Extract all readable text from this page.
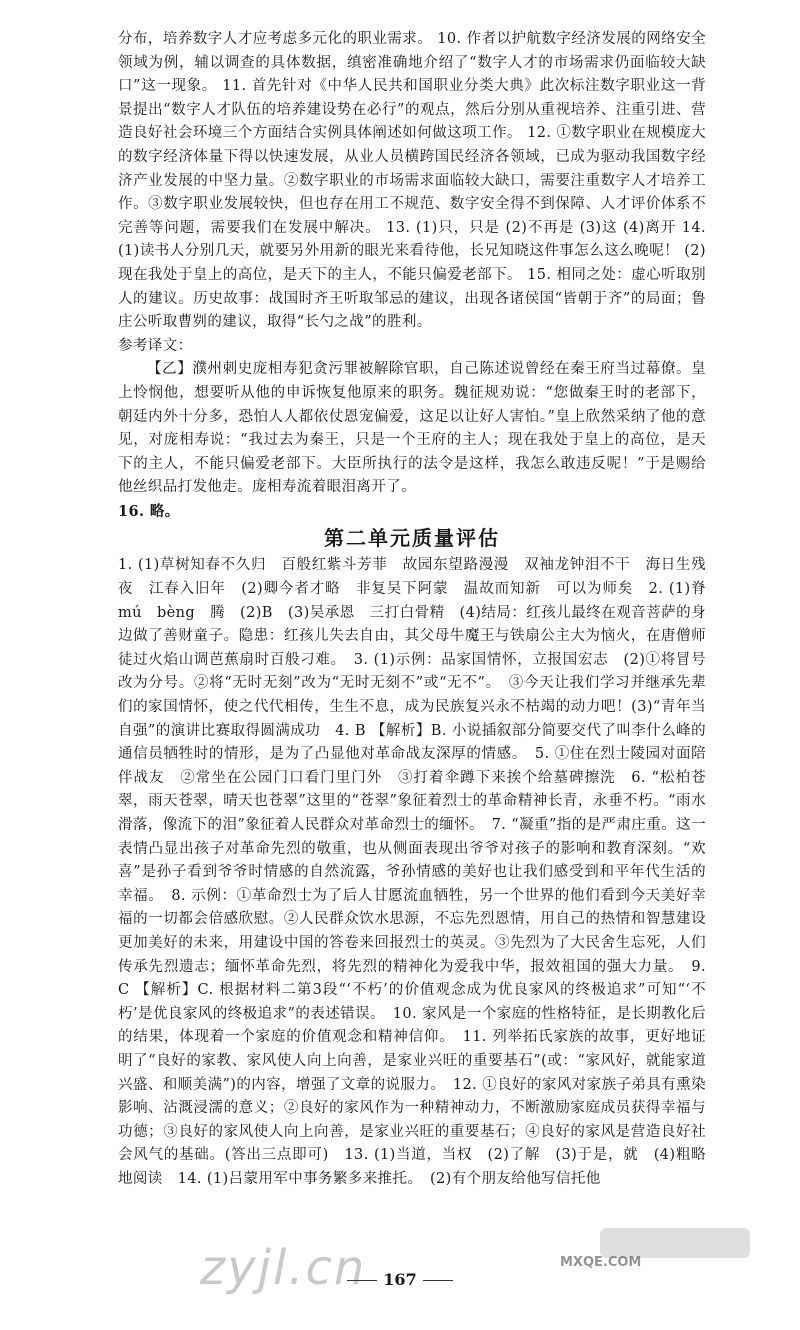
分布，培养数字人才应考虑多元化的职业需求。 10. 作者以护航数字经济发展的网络安全领域为例，辅以调查的具体数据，缜密准确地介绍了“数字人才的市场需求仍面临较大缺口”这一现象。 11. 首先针对《中华人民共和国职业分类大典》此次标注数字职业这一背景提出“数字人才队伍的培养建设势在必行”的观点，然后分别从重视培养、注重引进、营造良好社会环境三个方面结合实例具体阐述如何做这项工作。 12. ①数字职业在规模庞大的数字经济体量下得以快速发展，从业人员横跨国民经济各领域，已成为驱动我国数字经济产业发展的中坚力量。②数字职业的市场需求面临较大缺口，需要注重数字人才培养工作。③数字职业发展较快，但也存在用工不规范、数字安全得不到保障、人才评价体系不完善等问题，需要我们在发展中解决。 13. (1)只，只是 (2)不再是 (3)这 (4)离开 14. (1)读书人分别几天，就要另外用新的眼光来看待他，长兄知晓这件事怎么这么晚呢！ (2)现在我处于皇上的高位，是天下的主人，不能只偏爱老部下。 15. 相同之处：虚心听取别人的建议。历史故事：战国时齐王听取邹忌的建议，出现各诸侯国“皆朝于齐”的局面；鲁庄公听取曹刿的建议，取得“长勺之战”的胜利。

参考译文：

【乙】濮州刺史庞相寿犯贪污罪被解除官职，自己陈述说曾经在秦王府当过幕僚。皇上怜悯他，想要听从他的申诉恢复他原来的职务。魏征规劝说：“您做秦王时的老部下，朝廷内外十分多，恐怕人人都依仗恩宠偏爱，这足以让好人害怕。”皇上欣然采纳了他的意见，对庞相寿说：“我过去为秦王，只是一个王府的主人；现在我处于皇上的高位，是天下的主人，不能只偏爱老部下。大臣所执行的法令是这样，我怎么敢违反呢！”于是赐给他丝织品打发他走。庞相寿流着眼泪离开了。

16. 略。

第二单元质量评估

1. (1)草树知春不久归　百般红紫斗芳菲　故园东望路漫漫　双袖龙钟泪不干　海日生残夜　江春入旧年　(2)卿今者才略　非复吴下阿蒙　温故而知新　可以为师矣　2. (1)脊　mú　bèng　腾　(2)B　(3)吴承恩　三打白骨精　(4)结局：红孩儿最终在观音菩萨的身边做了善财童子。隐患：红孩儿失去自由，其父母牛魔王与铁扇公主大为恼火，在唐僧师徒过火焰山调芭蕉扇时百般刁难。　3. (1)示例：品家国情怀，立报国宏志　(2)①将冒号改为分号。②将“无时无刻”改为“无时无刻不”或“无不”。　③今天让我们学习并继承先辈们的家国情怀，使之代代相传，生生不息，成为民族复兴永不枯竭的动力吧！(3)“青年当自强”的演讲比赛取得圆满成功　4. B 【解析】B. 小说插叙部分简要交代了叫李什么峰的通信员牺牲时的情形，是为了凸显他对革命战友深厚的情感。　5. ①住在烈士陵园对面陪伴战友　②常坐在公园门口看门里门外　③打着伞蹲下来挨个给墓碑擦洗　6. “松柏苍翠，雨天苍翠，晴天也苍翠”这里的“苍翠”象征着烈士的革命精神长青，永垂不朽。“雨水滑落，像流下的泪”象征着人民群众对革命烈士的缅怀。　7. “凝重”指的是严肃庄重。这一表情凸显出孩子对革命先烈的敬重，也从侧面表现出爷爷对孩子的影响和教育深刻。“欢喜”是孙子看到爷爷时情感的自然流露，爷孙情感的美好也让我们感受到和平年代生活的幸福。　8. 示例：①革命烈士为了后人甘愿流血牺牲，另一个世界的他们看到今天美好幸福的一切都会倍感欣慰。②人民群众饮水思源，不忘先烈恩情，用自己的热情和智慧建设更加美好的未来，用建设中国的答卷来回报烈士的英灵。③先烈为了大民舍生忘死，人们传承先烈遗志；缅怀革命先烈，将先烈的精神化为爱我中华，报效祖国的强大力量。　9. C 【解析】C. 根据材料二第3段“‘不朽’的价值观念成为优良家风的终极追求”可知“‘不朽’是优良家风的终极追求”的表述错误。　10. 家风是一个家庭的性格特征，是长期教化后的结果，体现着一个家庭的价值观念和精神信仰。　11. 列举拓氏家族的故事，更好地证明了“良好的家教、家风使人向上向善，是家业兴旺的重要基石”(或：“家风好，就能家道兴盛、和顺美满”)的内容，增强了文章的说服力。　12. ①良好的家风对家族子弟具有熏染影响、沾溉浸濡的意义；②良好的家风作为一种精神动力，不断激励家庭成员获得幸福与功德；③良好的家风使人向上向善，是家业兴旺的重要基石；④良好的家风是营造良好社会风气的基础。(答出三点即可)　13. (1)当道，当权　(2)了解　(3)于是，就　(4)粗略地阅读　14. (1)吕蒙用军中事务繁多来推托。　(2)有个朋友给他写信托他

167
zyjl.cn	MXQE.COM
